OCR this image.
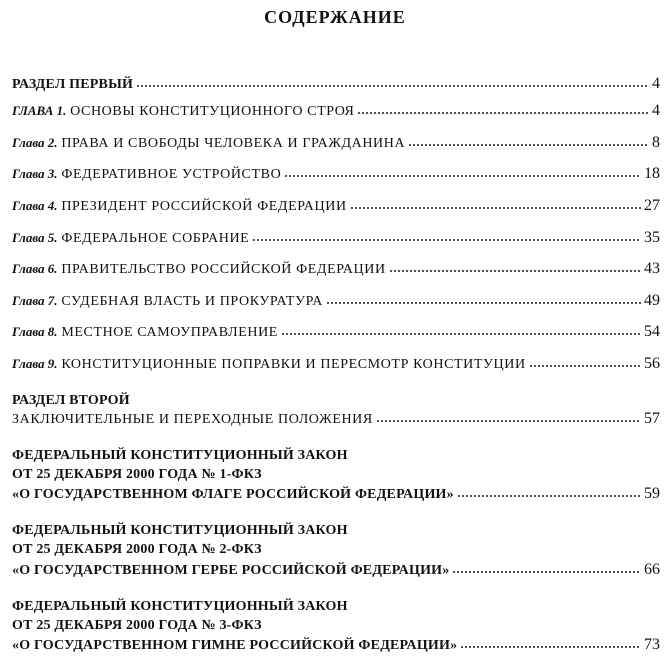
СОДЕРЖАНИЕ
РАЗДЕЛ ПЕРВЫЙ	4
ГЛАВА 1. ОСНОВЫ КОНСТИТУЦИОННОГО СТРОЯ	4
Глава 2. ПРАВА И СВОБОДЫ ЧЕЛОВЕКА И ГРАЖДАНИНА	8
Глава 3. ФЕДЕРАТИВНОЕ УСТРОЙСТВО	18
Глава 4. ПРЕЗИДЕНТ РОССИЙСКОЙ ФЕДЕРАЦИИ	27
Глава 5. ФЕДЕРАЛЬНОЕ СОБРАНИЕ	35
Глава 6. ПРАВИТЕЛЬСТВО РОССИЙСКОЙ ФЕДЕРАЦИИ	43
Глава 7. СУДЕБНАЯ ВЛАСТЬ И ПРОКУРАТУРА	49
Глава 8. МЕСТНОЕ САМОУПРАВЛЕНИЕ	54
Глава 9. КОНСТИТУЦИОННЫЕ ПОПРАВКИ И ПЕРЕСМОТР КОНСТИТУЦИИ	56
РАЗДЕЛ ВТОРОЙ
ЗАКЛЮЧИТЕЛЬНЫЕ И ПЕРЕХОДНЫЕ ПОЛОЖЕНИЯ	57
ФЕДЕРАЛЬНЫЙ КОНСТИТУЦИОННЫЙ ЗАКОН
ОТ 25 ДЕКАБРЯ 2000 ГОДА № 1-ФКЗ
«О ГОСУДАРСТВЕННОМ ФЛАГЕ РОССИЙСКОЙ ФЕДЕРАЦИИ»	59
ФЕДЕРАЛЬНЫЙ КОНСТИТУЦИОННЫЙ ЗАКОН
ОТ 25 ДЕКАБРЯ 2000 ГОДА № 2-ФКЗ
«О ГОСУДАРСТВЕННОМ ГЕРБЕ РОССИЙСКОЙ ФЕДЕРАЦИИ»	66
ФЕДЕРАЛЬНЫЙ КОНСТИТУЦИОННЫЙ ЗАКОН
ОТ 25 ДЕКАБРЯ 2000 ГОДА № 3-ФКЗ
«О ГОСУДАРСТВЕННОМ ГИМНЕ РОССИЙСКОЙ ФЕДЕРАЦИИ»	73
